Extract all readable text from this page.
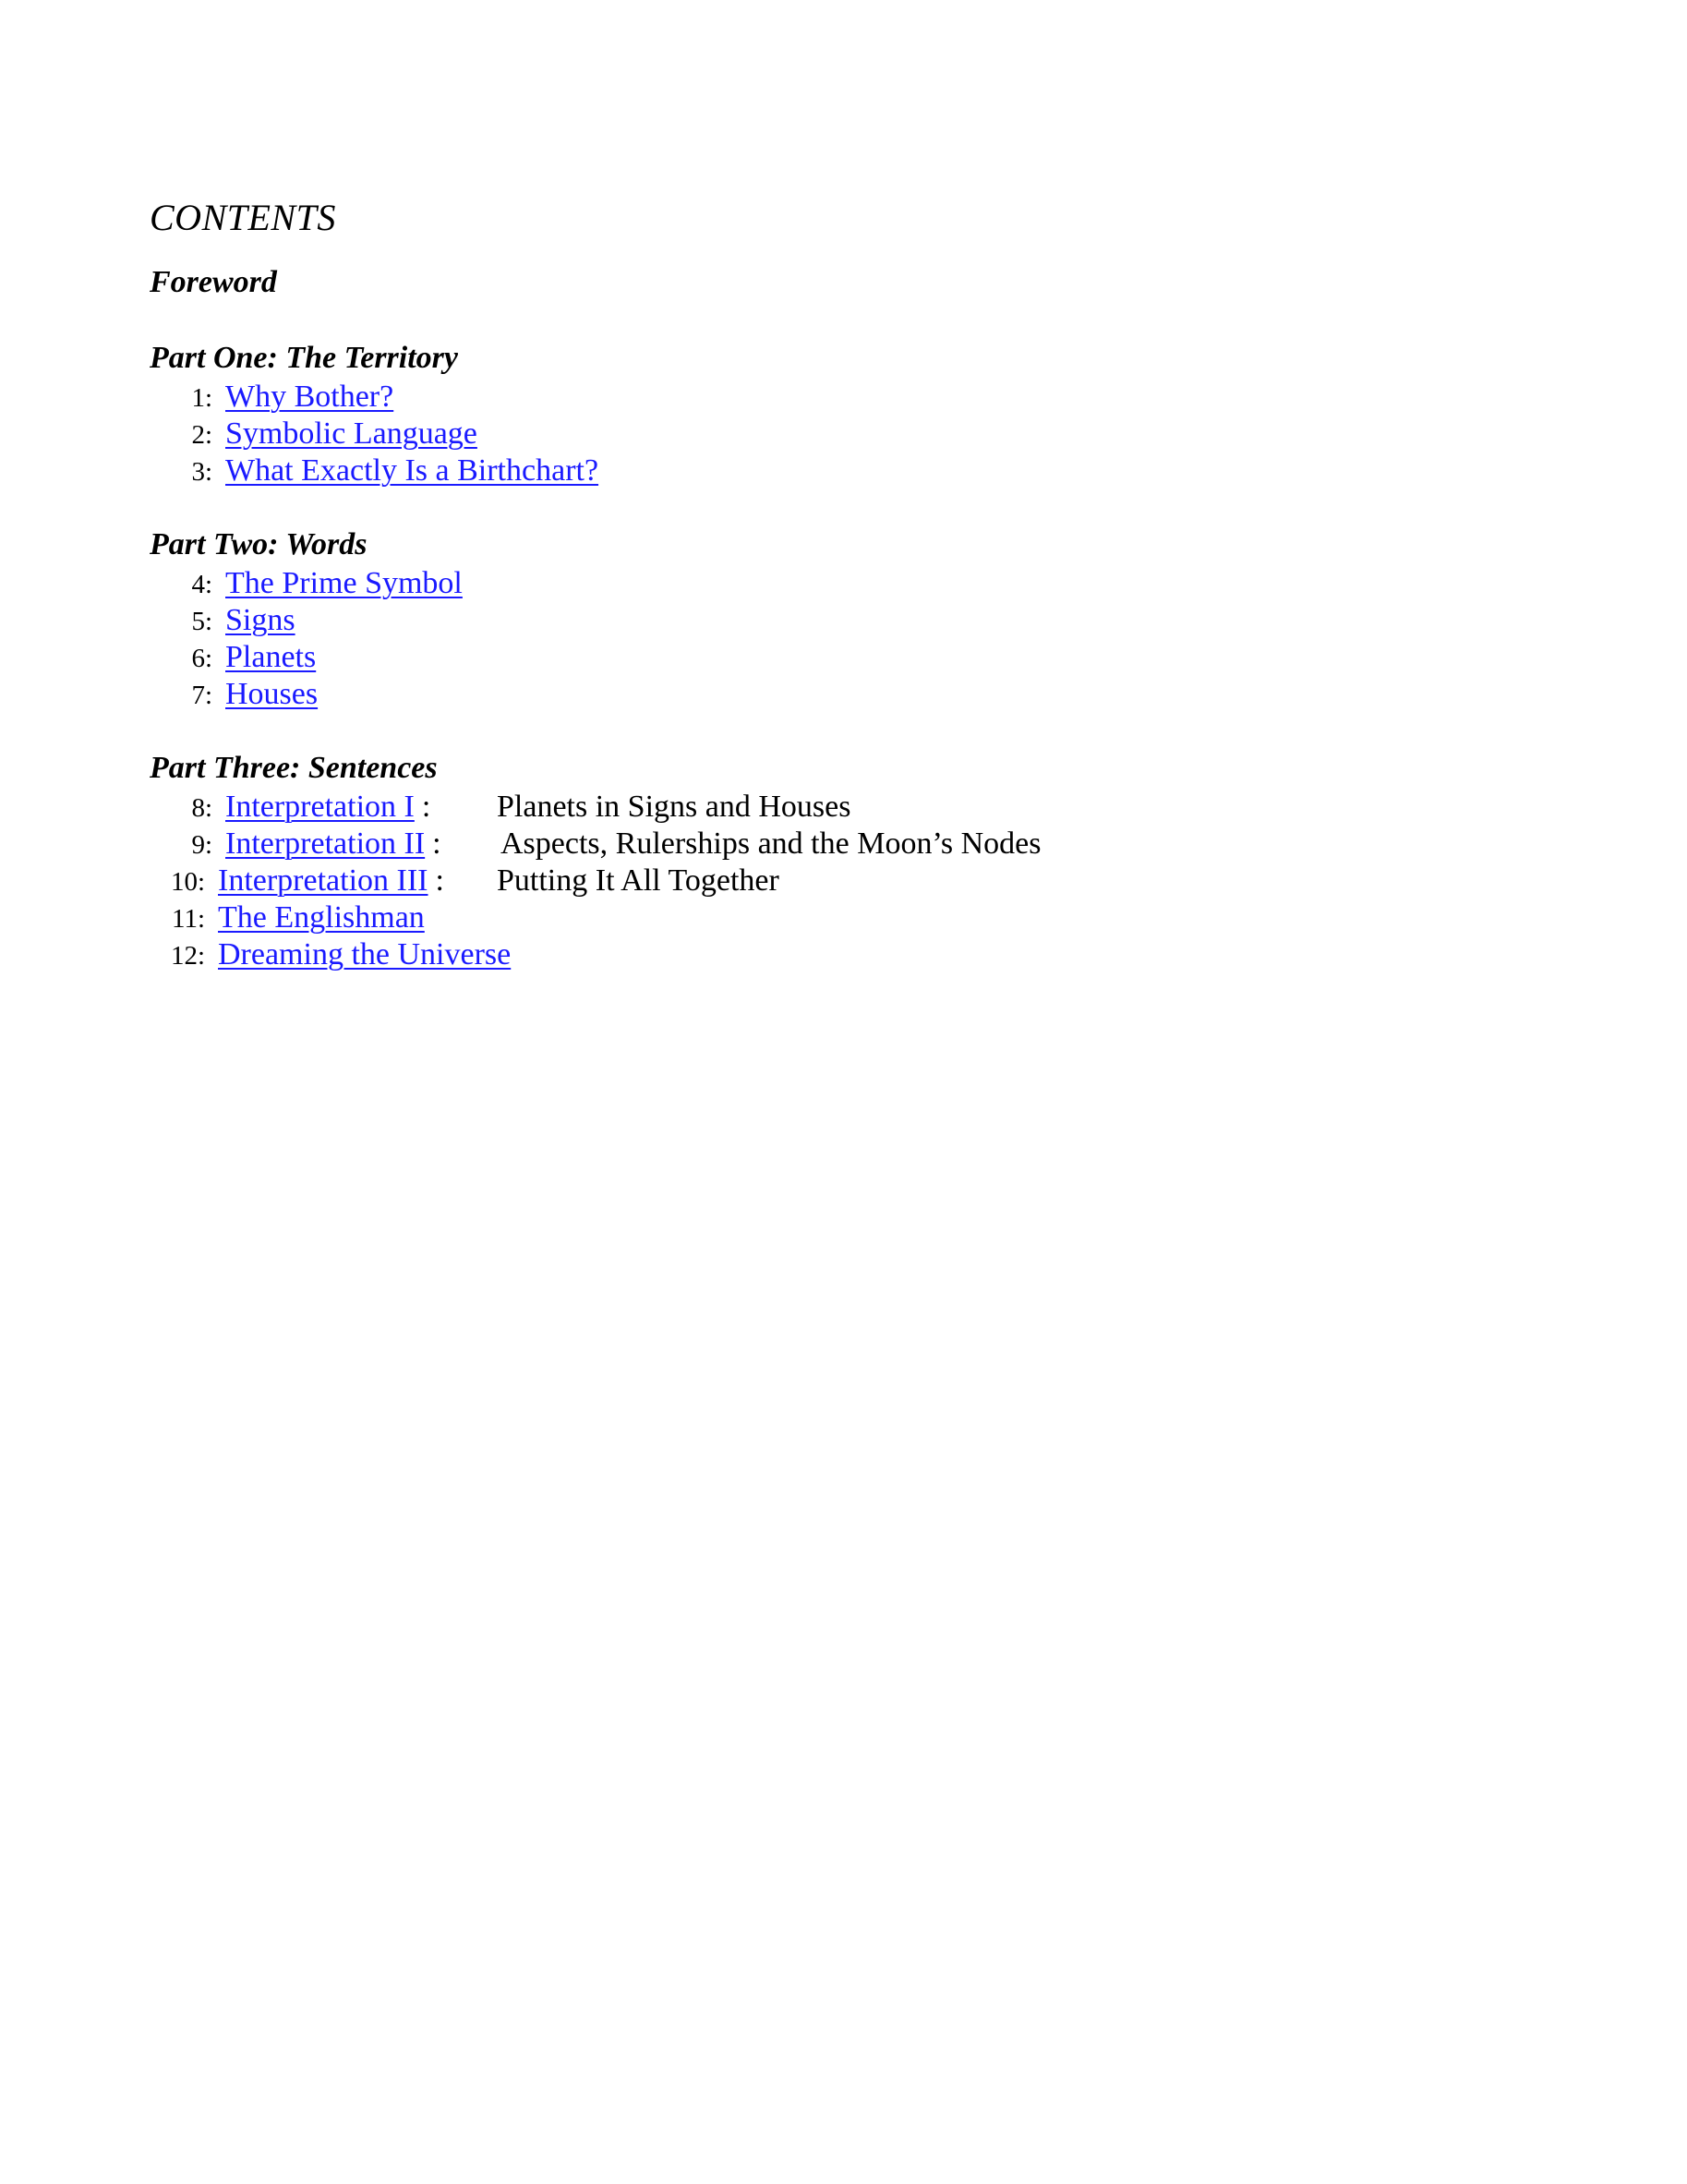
CONTENTS
Foreword
Part One: The Territory
1: Why Bother?
2: Symbolic Language
3: What Exactly Is a Birthchart?
Part Two: Words
4: The Prime Symbol
5: Signs
6: Planets
7: Houses
Part Three: Sentences
8: Interpretation I : Planets in Signs and Houses
9: Interpretation II : Aspects, Rulerships and the Moon’s Nodes
10: Interpretation III : Putting It All Together
11: The Englishman
12: Dreaming the Universe
